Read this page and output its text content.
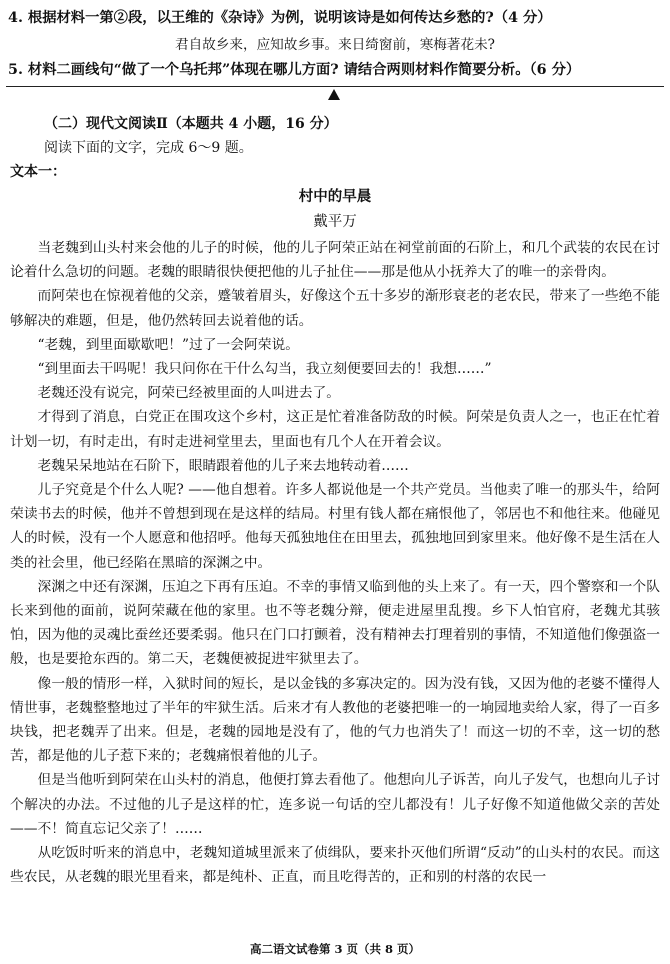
4. 根据材料一第②段，以王维的《杂诗》为例，说明该诗是如何传达乡愁的?（4 分）
君自故乡来，应知故乡事。来日绮窗前，寒梅著花未?
5. 材料二画线句“做了一个乌托邦”体现在哪儿方面? 请结合两则材料作简要分析。（6 分）
（二）现代文阅读Ⅱ（本题共 4 小题，16 分）
阅读下面的文字，完成 6～9 题。
文本一：
村中的早晨
戴平万

当老魏到山头村来会他的儿子的时候，他的儿子阿荣正站在祠堂前面的石阶上，和几个武装的农民在讨论着什么急切的问题。老魏的眼睛很快便把他的儿子扯住——那是他从小抚养大了的唯一的亲骨肉。

而阿荣也在惊视着他的父亲，蹙皱着眉头，好像这个五十多岁的渐形衰老的老农民，带来了一些绝不能够解决的难题，但是，他仍然转回去说着他的话。

“老魏，到里面歇歇吧！”过了一会阿荣说。

“到里面去干吗呢！我只问你在干什么勾当，我立刻便要回去的！我想……”

老魏还没有说完，阿荣已经被里面的人叫进去了。

才得到了消息，白党正在围攻这个乡村，这正是忙着准备防敌的时候。阿荣是负责人之一，也正在忙着计划一切，有时走出，有时走进祠堂里去，里面也有几个人在开着会议。

老魏呆呆地站在石阶下，眼睛跟着他的儿子来去地转动着……

儿子究竟是个什么人呢? ——他自想着。许多人都说他是一个共产党员。当他卖了唯一的那头牛，给阿荣读书去的时候，他并不曾想到现在是这样的结局。村里有钱人都在痛恨他了，邻居也不和他往来。他碰见人的时候，没有一个人愿意和他招呼。他每天孤独地住在田里去，孤独地回到家里来。他好像不是生活在人类的社会里，他已经陷在黑暗的深渊之中。

深渊之中还有深渊，压迫之下再有压迫。不幸的事情又临到他的头上来了。有一天，四个警察和一个队长来到他的面前，说阿荣藏在他的家里。也不等老魏分辩，便走进屋里乱搜。乡下人怕官府，老魏尤其骇怕，因为他的灵魂比蚕丝还要柔弱。他只在门口打颤着，没有精神去打理着别的事情，不知道他们像强盗一般，也是要抢东西的。第二天，老魏便被捉进牢狱里去了。

像一般的情形一样，入狱时间的短长，是以金钱的多寡决定的。因为没有钱，又因为他的老婆不懂得人情世事，老魏整整地过了半年的牢狱生活。后来才有人教他的老婆把唯一的一垧园地卖给人家，得了一百多块钱，把老魏弄了出来。但是，老魏的园地是没有了，他的气力也消失了！而这一切的不幸，这一切的愁苦，都是他的儿子惹下来的；老魏痛恨着他的儿子。

但是当他听到阿荣在山头村的消息，他便打算去看他了。他想向儿子诉苦，向儿子发气，也想向儿子讨个解决的办法。不过他的儿子是这样的忙，连多说一句话的空儿都没有！儿子好像不知道他做父亲的苦处——不！简直忘记父亲了！……

从吃饭时听来的消息中，老魏知道城里派来了侦缉队，要来扑灭他们所谓“反动”的山头村的农民。而这些农民，从老魏的眼光里看来，都是纯朴、正直，而且吃得苦的，正和别的村落的农民一

高二语文试卷第 3 页（共 8 页）
